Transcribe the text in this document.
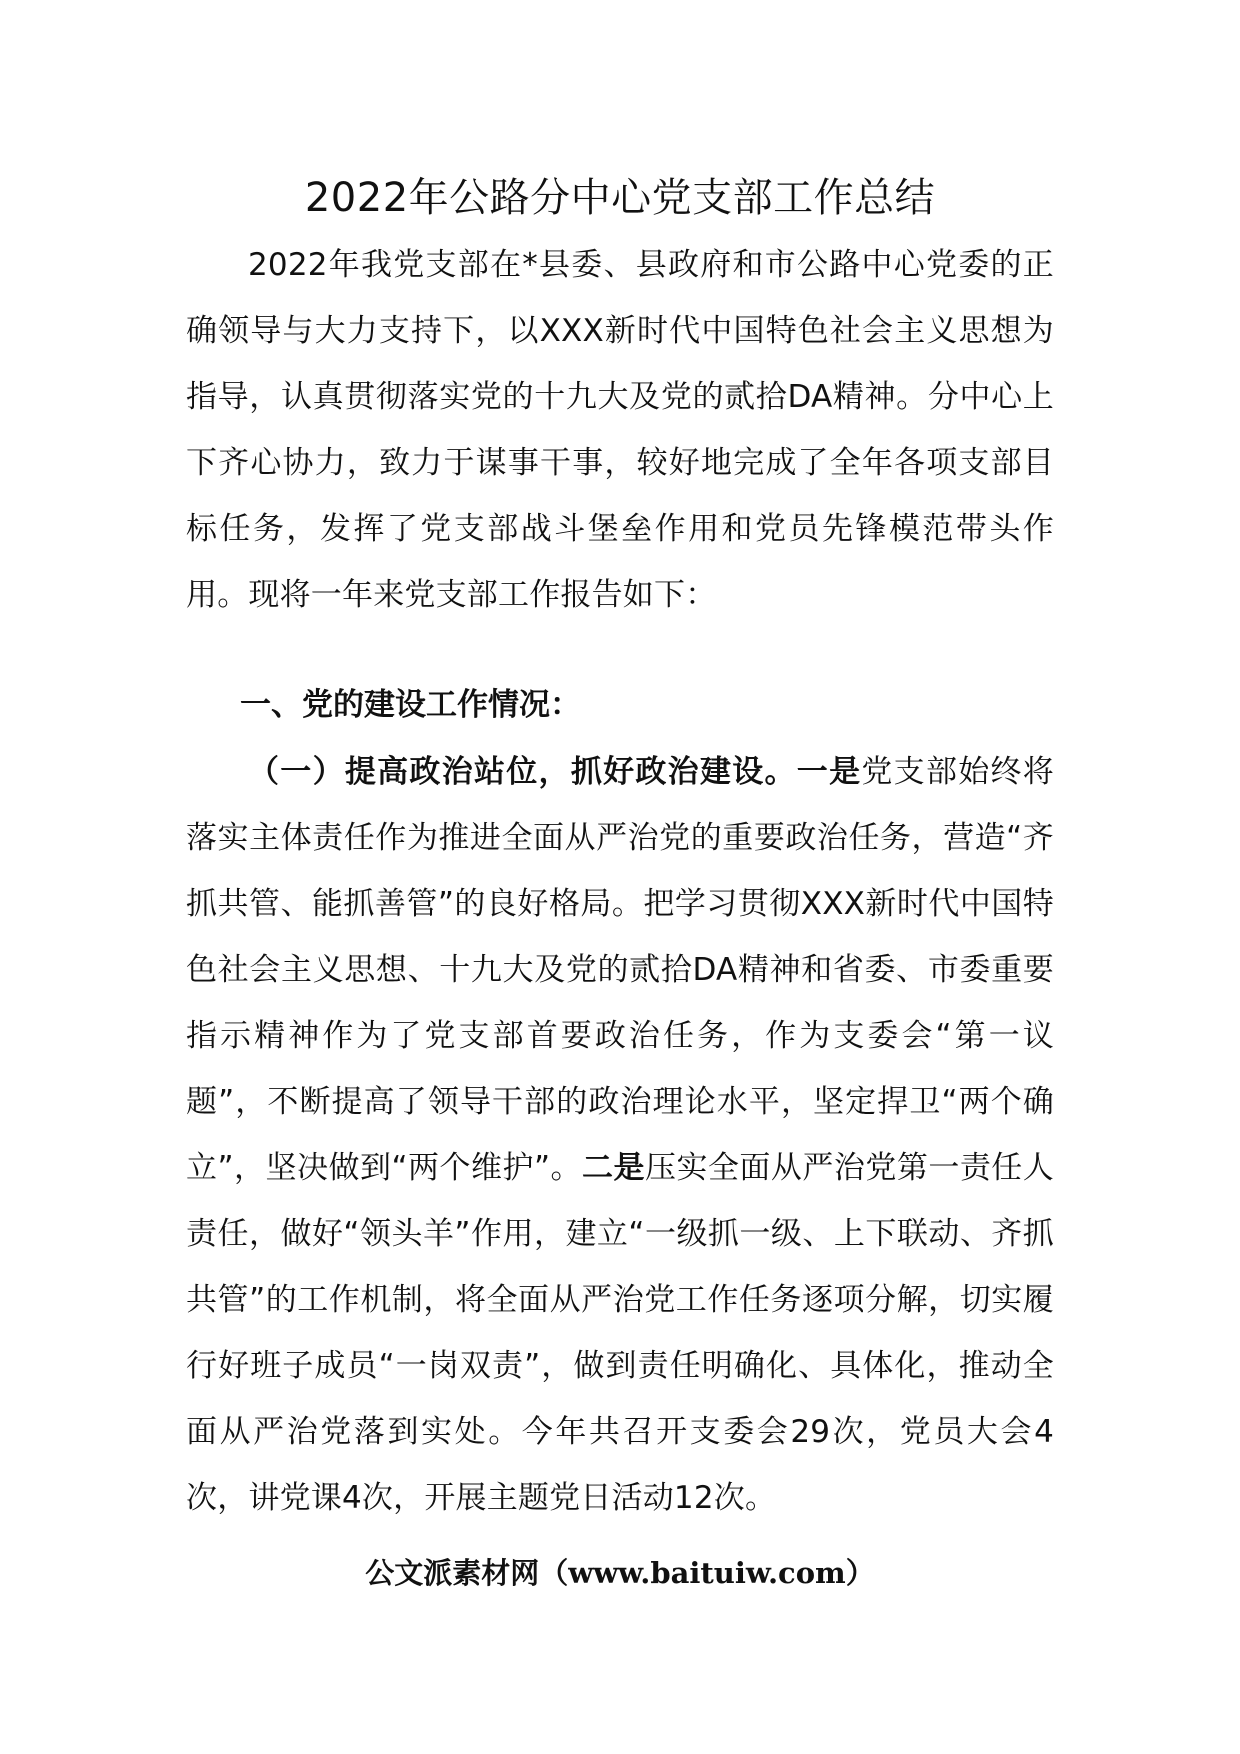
2022年公路分中心党支部工作总结

2022年我党支部在*县委、县政府和市公路中心党委的正确领导与大力支持下，以XXX新时代中国特色社会主义思想为指导，认真贯彻落实党的十九大及党的贰拾DA精神。分中心上下齐心协力，致力于谋事干事，较好地完成了全年各项支部目标任务，发挥了党支部战斗堡垒作用和党员先锋模范带头作用。现将一年来党支部工作报告如下：

一、党的建设工作情况：

（一）提高政治站位，抓好政治建设。一是党支部始终将落实主体责任作为推进全面从严治党的重要政治任务，营造“齐抓共管、能抓善管”的良好格局。把学习贯彻XXX新时代中国特色社会主义思想、十九大及党的贰拾DA精神和省委、市委重要指示精神作为了党支部首要政治任务，作为支委会“第一议题”，不断提高了领导干部的政治理论水平，坚定捍卫“两个确立”，坚决做到“两个维护”。二是压实全面从严治党第一责任人责任，做好“领头羊”作用，建立“一级抓一级、上下联动、齐抓共管”的工作机制，将全面从严治党工作任务逐项分解，切实履行好班子成员“一岗双责”，做到责任明确化、具体化，推动全面从严治党落到实处。今年共召开支委会29次，党员大会4次，讲党课4次，开展主题党日活动12次。

公文派素材网（www.baituiw.com）
